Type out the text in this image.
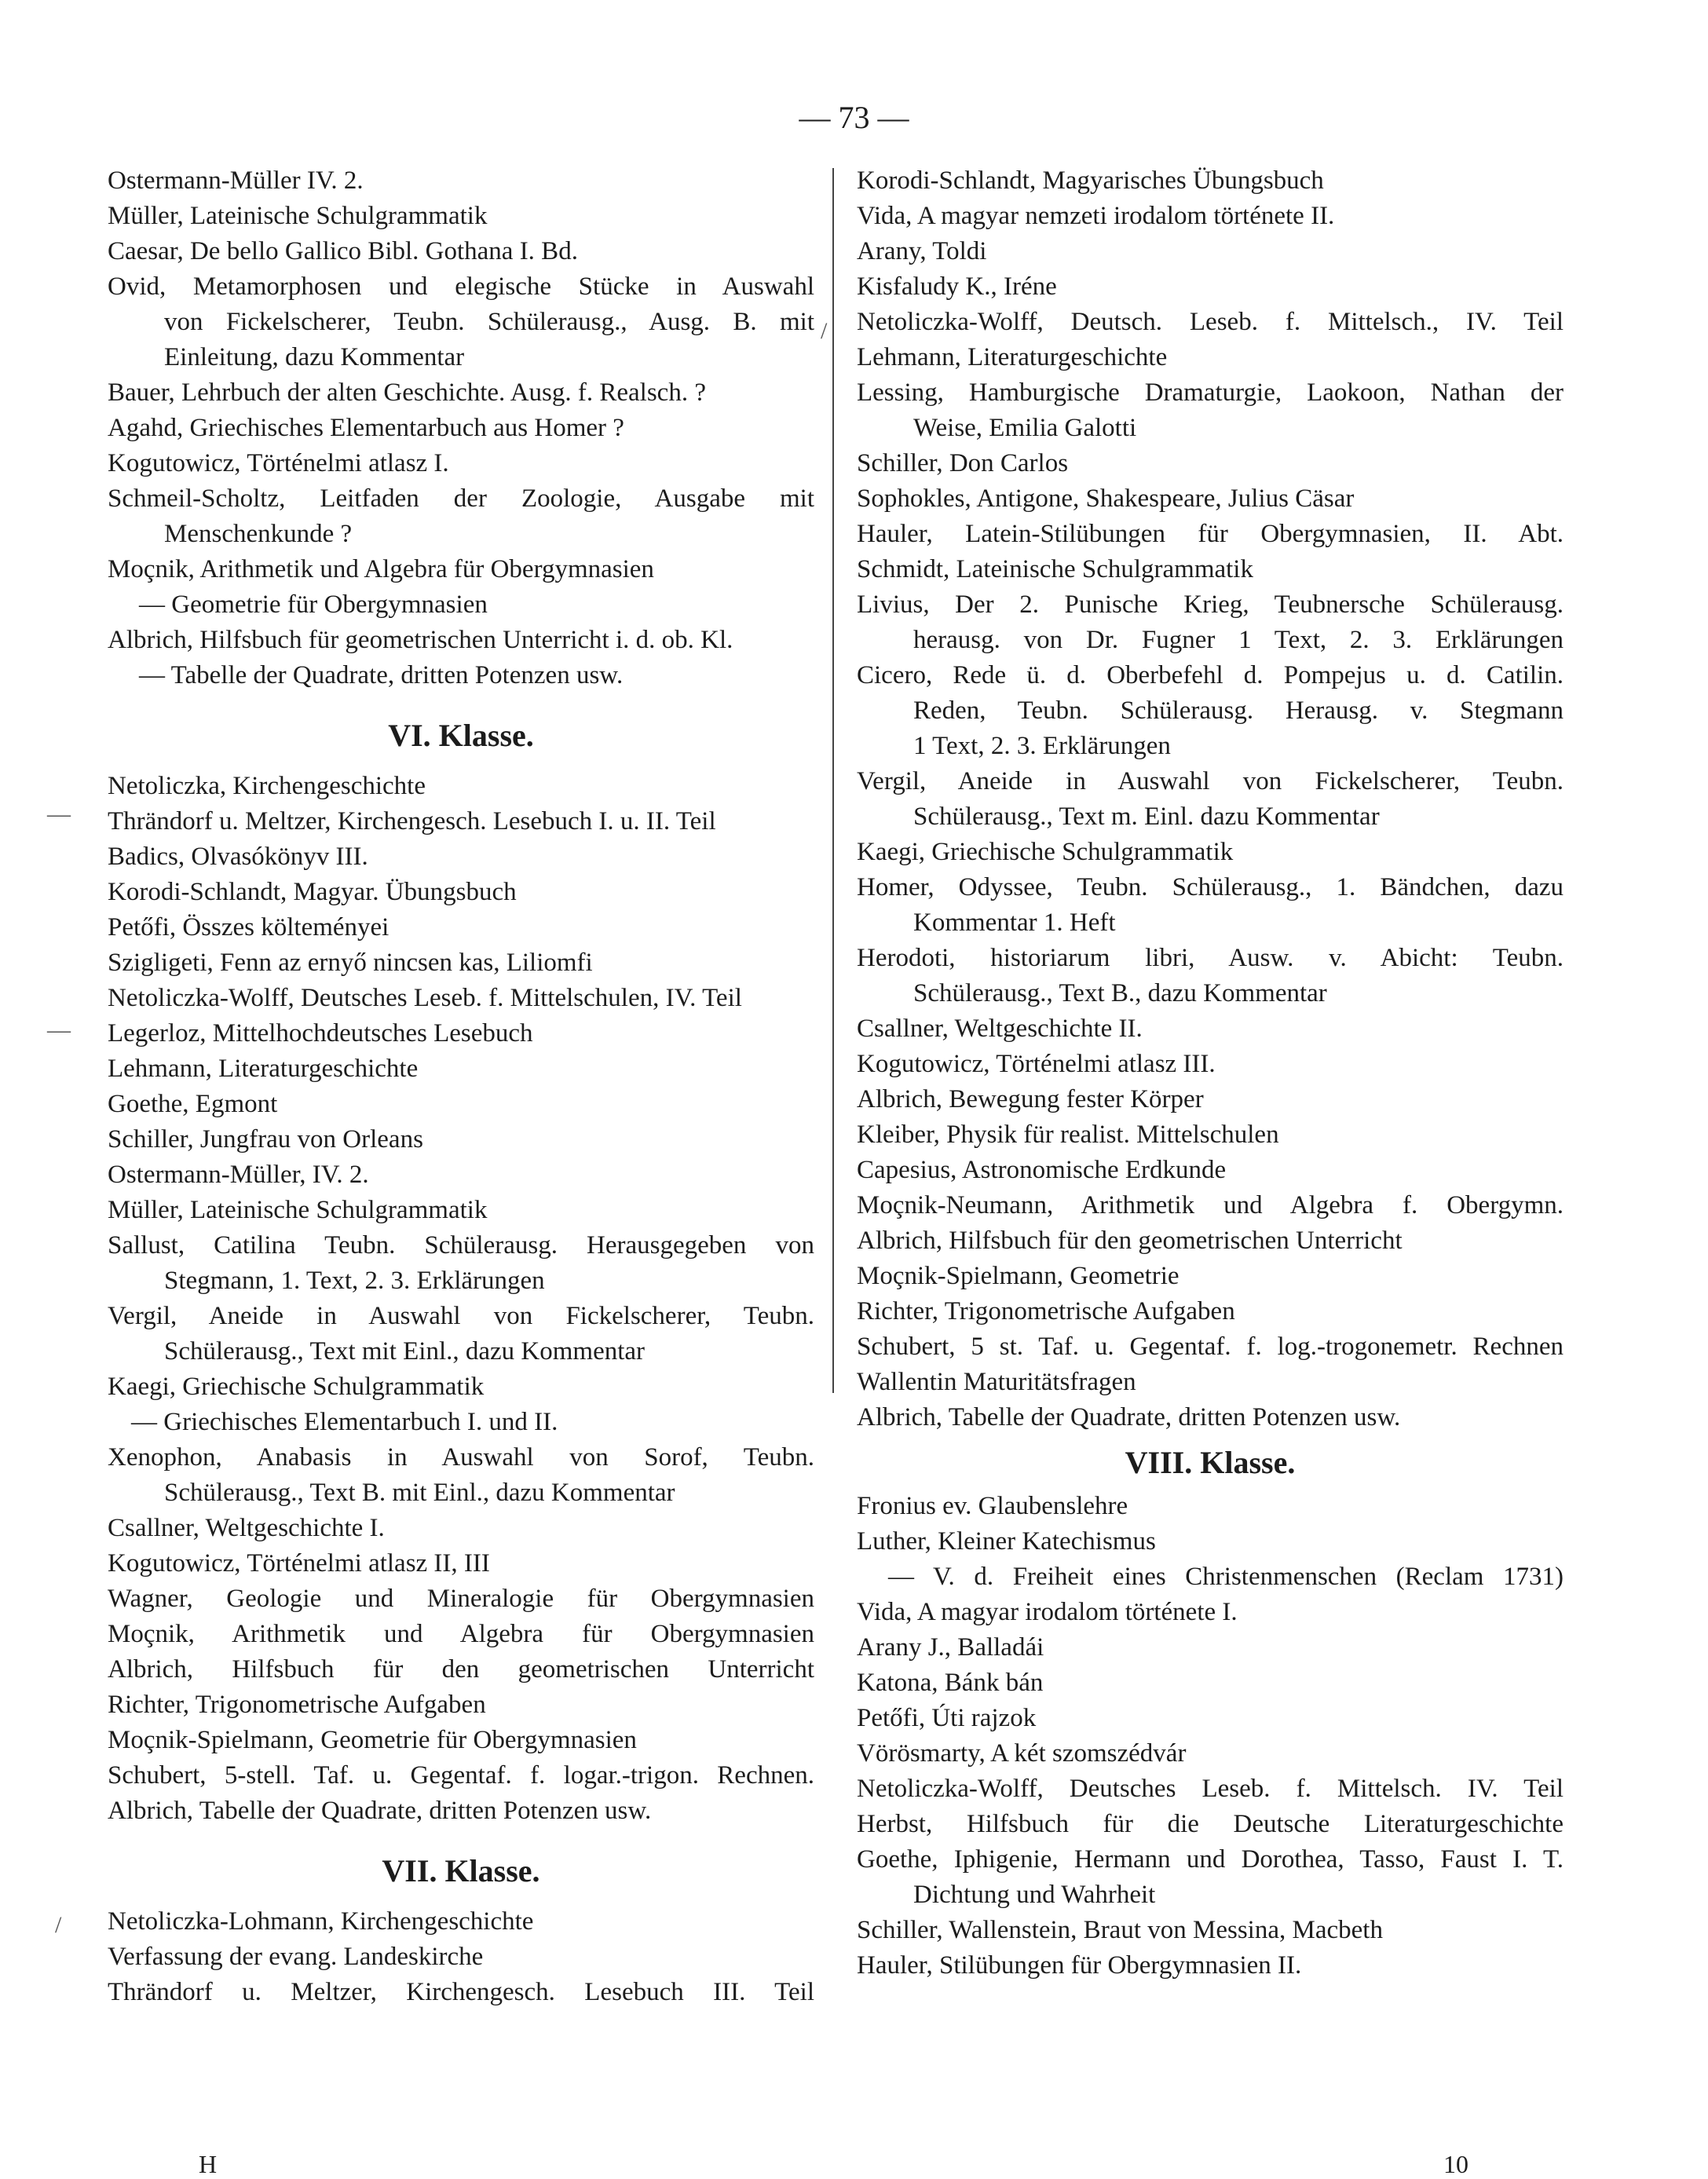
— 73 —
Ostermann-Müller IV. 2.
Müller, Lateinische Schulgrammatik
Caesar, De bello Gallico Bibl. Gothana I. Bd.
Ovid, Metamorphosen und elegische Stücke in Auswahl
von Fickelscherer, Teubn. Schülerausg., Ausg. B. mit
Einleitung, dazu Kommentar
Bauer, Lehrbuch der alten Geschichte. Ausg. f. Realsch. ?
Agahd, Griechisches Elementarbuch aus Homer ?
Kogutowicz, Történelmi atlasz I.
Schmeil-Scholtz, Leitfaden der Zoologie, Ausgabe mit
Menschenkunde ?
Moçnik, Arithmetik und Algebra für Obergymnasien
— Geometrie für Obergymnasien
Albrich, Hilfsbuch für geometrischen Unterricht i. d. ob. Kl.
— Tabelle der Quadrate, dritten Potenzen usw.
VI. Klasse.
Netoliczka, Kirchengeschichte
Thrändorf u. Meltzer, Kirchengesch. Lesebuch I. u. II. Teil
Badics, Olvasókönyv III.
Korodi-Schlandt, Magyar. Übungsbuch
Petőfi, Összes költeményei
Szigligeti, Fenn az ernyő nincsen kas, Liliomfi
Netoliczka-Wolff, Deutsches Leseb. f. Mittelschulen, IV. Teil
Legerloz, Mittelhochdeutsches Lesebuch
Lehmann, Literaturgeschichte
Goethe, Egmont
Schiller, Jungfrau von Orleans
Ostermann-Müller, IV. 2.
Müller, Lateinische Schulgrammatik
Sallust, Catilina Teubn. Schülerausg. Herausgegeben von
Stegmann, 1. Text, 2. 3. Erklärungen
Vergil, Aneide in Auswahl von Fickelscherer, Teubn.
Schülerausg., Text mit Einl., dazu Kommentar
Kaegi, Griechische Schulgrammatik
— Griechisches Elementarbuch I. und II.
Xenophon, Anabasis in Auswahl von Sorof, Teubn.
Schülerausg., Text B. mit Einl., dazu Kommentar
Csallner, Weltgeschichte I.
Kogutowicz, Történelmi atlasz II, III
Wagner, Geologie und Mineralogie für Obergymnasien
Moçnik, Arithmetik und Algebra für Obergymnasien
Albrich, Hilfsbuch für den geometrischen Unterricht
Richter, Trigonometrische Aufgaben
Moçnik-Spielmann, Geometrie für Obergymnasien
Schubert, 5-stell. Taf. u. Gegentaf. f. logar.-trigon. Rechnen.
Albrich, Tabelle der Quadrate, dritten Potenzen usw.
VII. Klasse.
Netoliczka-Lohmann, Kirchengeschichte
Verfassung der evang. Landeskirche
Thrändorf u. Meltzer, Kirchengesch. Lesebuch III. Teil
Korodi-Schlandt, Magyarisches Übungsbuch
Vida, A magyar nemzeti irodalom története II.
Arany, Toldi
Kisfaludy K., Iréne
Netoliczka-Wolff, Deutsch. Leseb. f. Mittelsch., IV. Teil
Lehmann, Literaturgeschichte
Lessing, Hamburgische Dramaturgie, Laokoon, Nathan der
Weise, Emilia Galotti
Schiller, Don Carlos
Sophokles, Antigone, Shakespeare, Julius Cäsar
Hauler, Latein-Stilübungen für Obergymnasien, II. Abt.
Schmidt, Lateinische Schulgrammatik
Livius, Der 2. Punische Krieg, Teubnersche Schülerausg.
herausg. von Dr. Fugner 1 Text, 2. 3. Erklärungen
Cicero, Rede ü. d. Oberbefehl d. Pompejus u. d. Catilin.
Reden, Teubn. Schülerausg. Herausg. v. Stegmann
1 Text, 2. 3. Erklärungen
Vergil, Aneide in Auswahl von Fickelscherer, Teubn.
Schülerausg., Text m. Einl. dazu Kommentar
Kaegi, Griechische Schulgrammatik
Homer, Odyssee, Teubn. Schülerausg., 1. Bändchen, dazu
Kommentar 1. Heft
Herodoti, historiarum libri, Ausw. v. Abicht: Teubn.
Schülerausg., Text B., dazu Kommentar
Csallner, Weltgeschichte II.
Kogutowicz, Történelmi atlasz III.
Albrich, Bewegung fester Körper
Kleiber, Physik für realist. Mittelschulen
Capesius, Astronomische Erdkunde
Moçnik-Neumann, Arithmetik und Algebra f. Obergymn.
Albrich, Hilfsbuch für den geometrischen Unterricht
Moçnik-Spielmann, Geometrie
Richter, Trigonometrische Aufgaben
Schubert, 5 st. Taf. u. Gegentaf. f. log.-trogonemetr. Rechnen
Wallentin Maturitätsfragen
Albrich, Tabelle der Quadrate, dritten Potenzen usw.
VIII. Klasse.
Fronius ev. Glaubenslehre
Luther, Kleiner Katechismus
— V. d. Freiheit eines Christenmenschen (Reclam 1731)
Vida, A magyar irodalom története I.
Arany J., Balladái
Katona, Bánk bán
Petőfi, Úti rajzok
Vörösmarty, A két szomszédvár
Netoliczka-Wolff, Deutsches Leseb. f. Mittelsch. IV. Teil
Herbst, Hilfsbuch für die Deutsche Literaturgeschichte
Goethe, Iphigenie, Hermann und Dorothea, Tasso, Faust I. T.
Dichtung und Wahrheit
Schiller, Wallenstein, Braut von Messina, Macbeth
Hauler, Stilübungen für Obergymnasien II.
H	10
/
—
—
/
